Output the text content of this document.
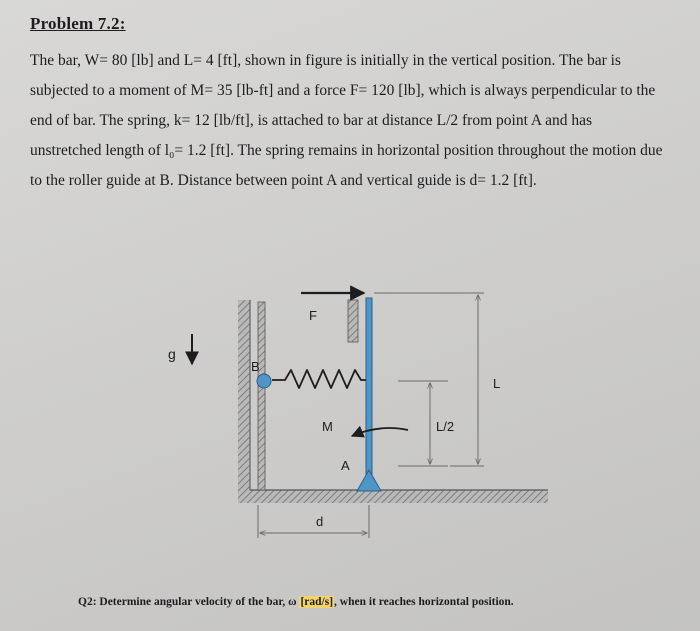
Problem 7.2:
The bar, W= 80 [lb] and L= 4 [ft], shown in figure is initially in the vertical position. The bar is
subjected to a moment of M= 35 [lb-ft] and a force F= 120 [lb], which is always perpendicular to the
end of bar. The spring, k= 12 [lb/ft], is attached to bar at distance L/2 from point A and has
unstretched length of l₀= 1.2 [ft]. The spring remains in horizontal position throughout the motion due
to the roller guide at B. Distance between point A and vertical guide is d= 1.2 [ft].
g
F
B
M
A
L/2
L
d
Q2: Determine angular velocity of the bar, ω [rad/s], when it reaches horizontal position.
